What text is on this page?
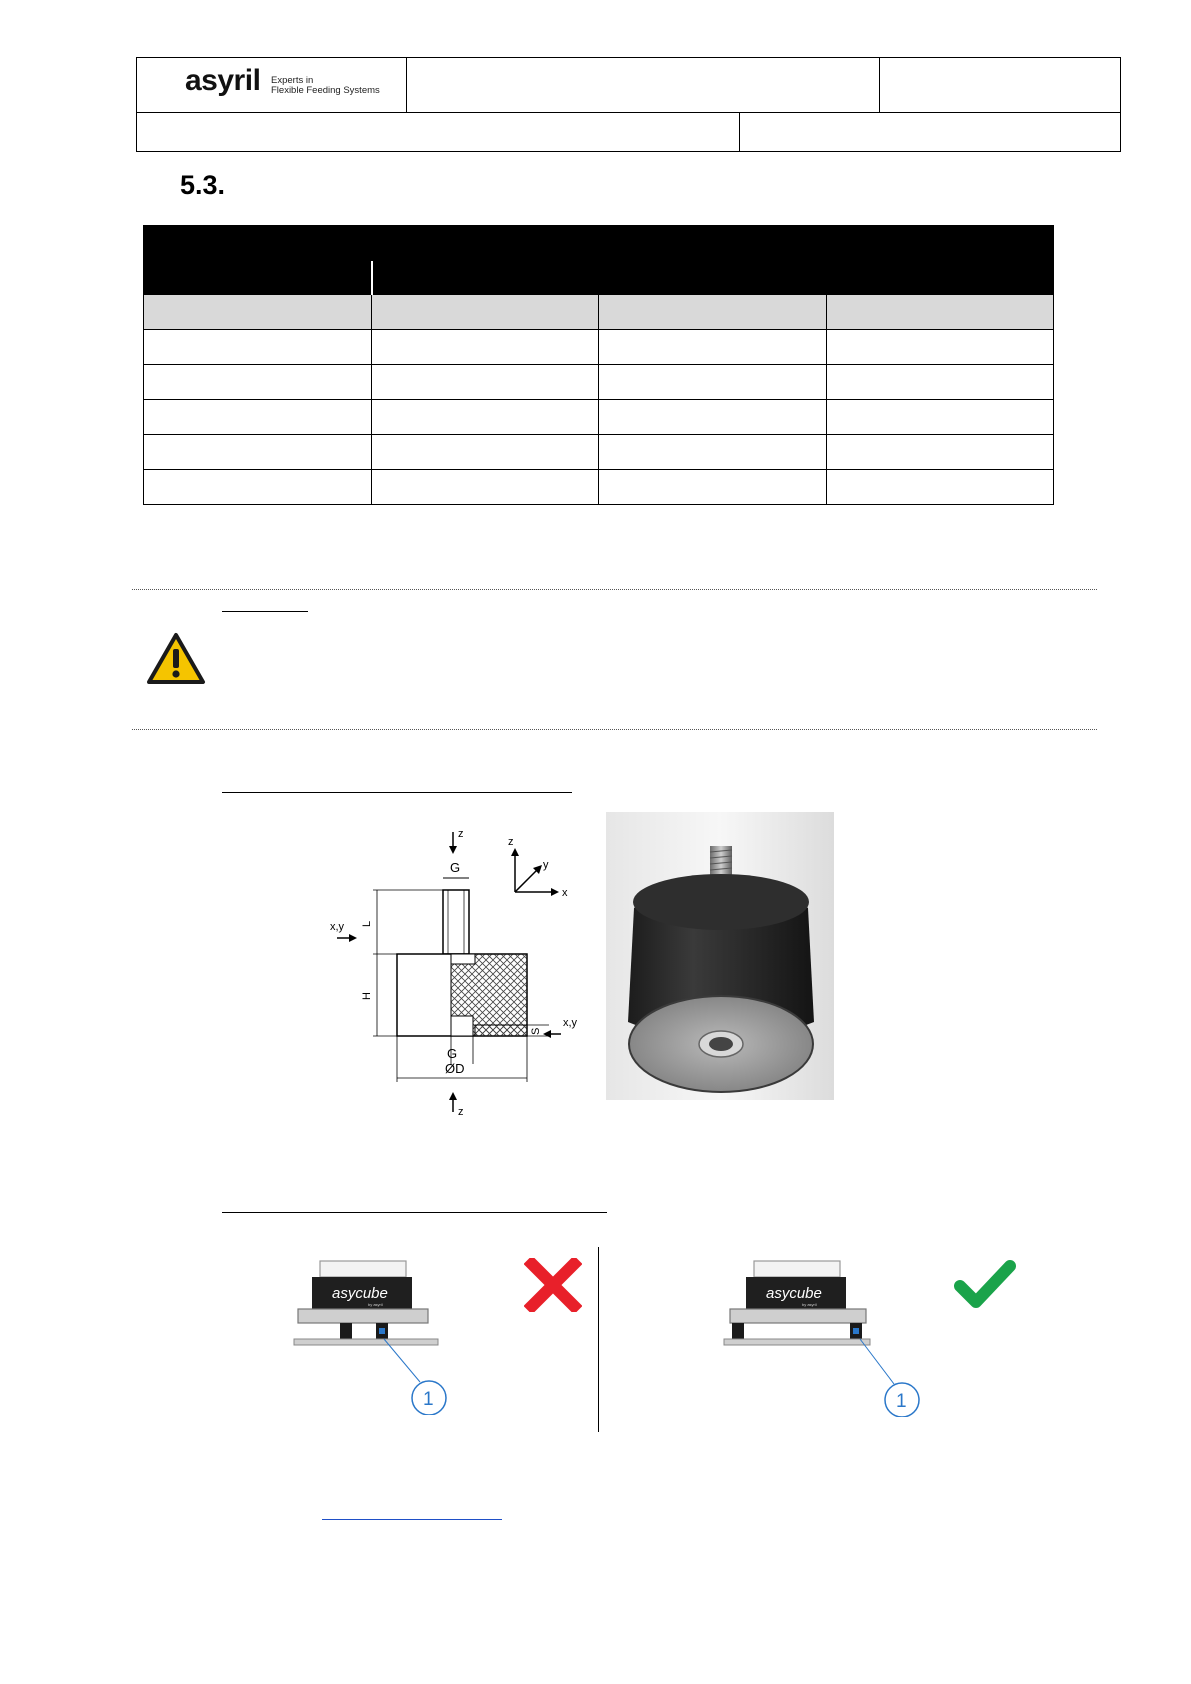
asyril Experts in
Flexible Feeding Systems
5.3.
z
G
L
x,y
H
S
x,y
G
ØD
z
z
y
x
asycube
by asyril
1
asycube
by asyril
1
